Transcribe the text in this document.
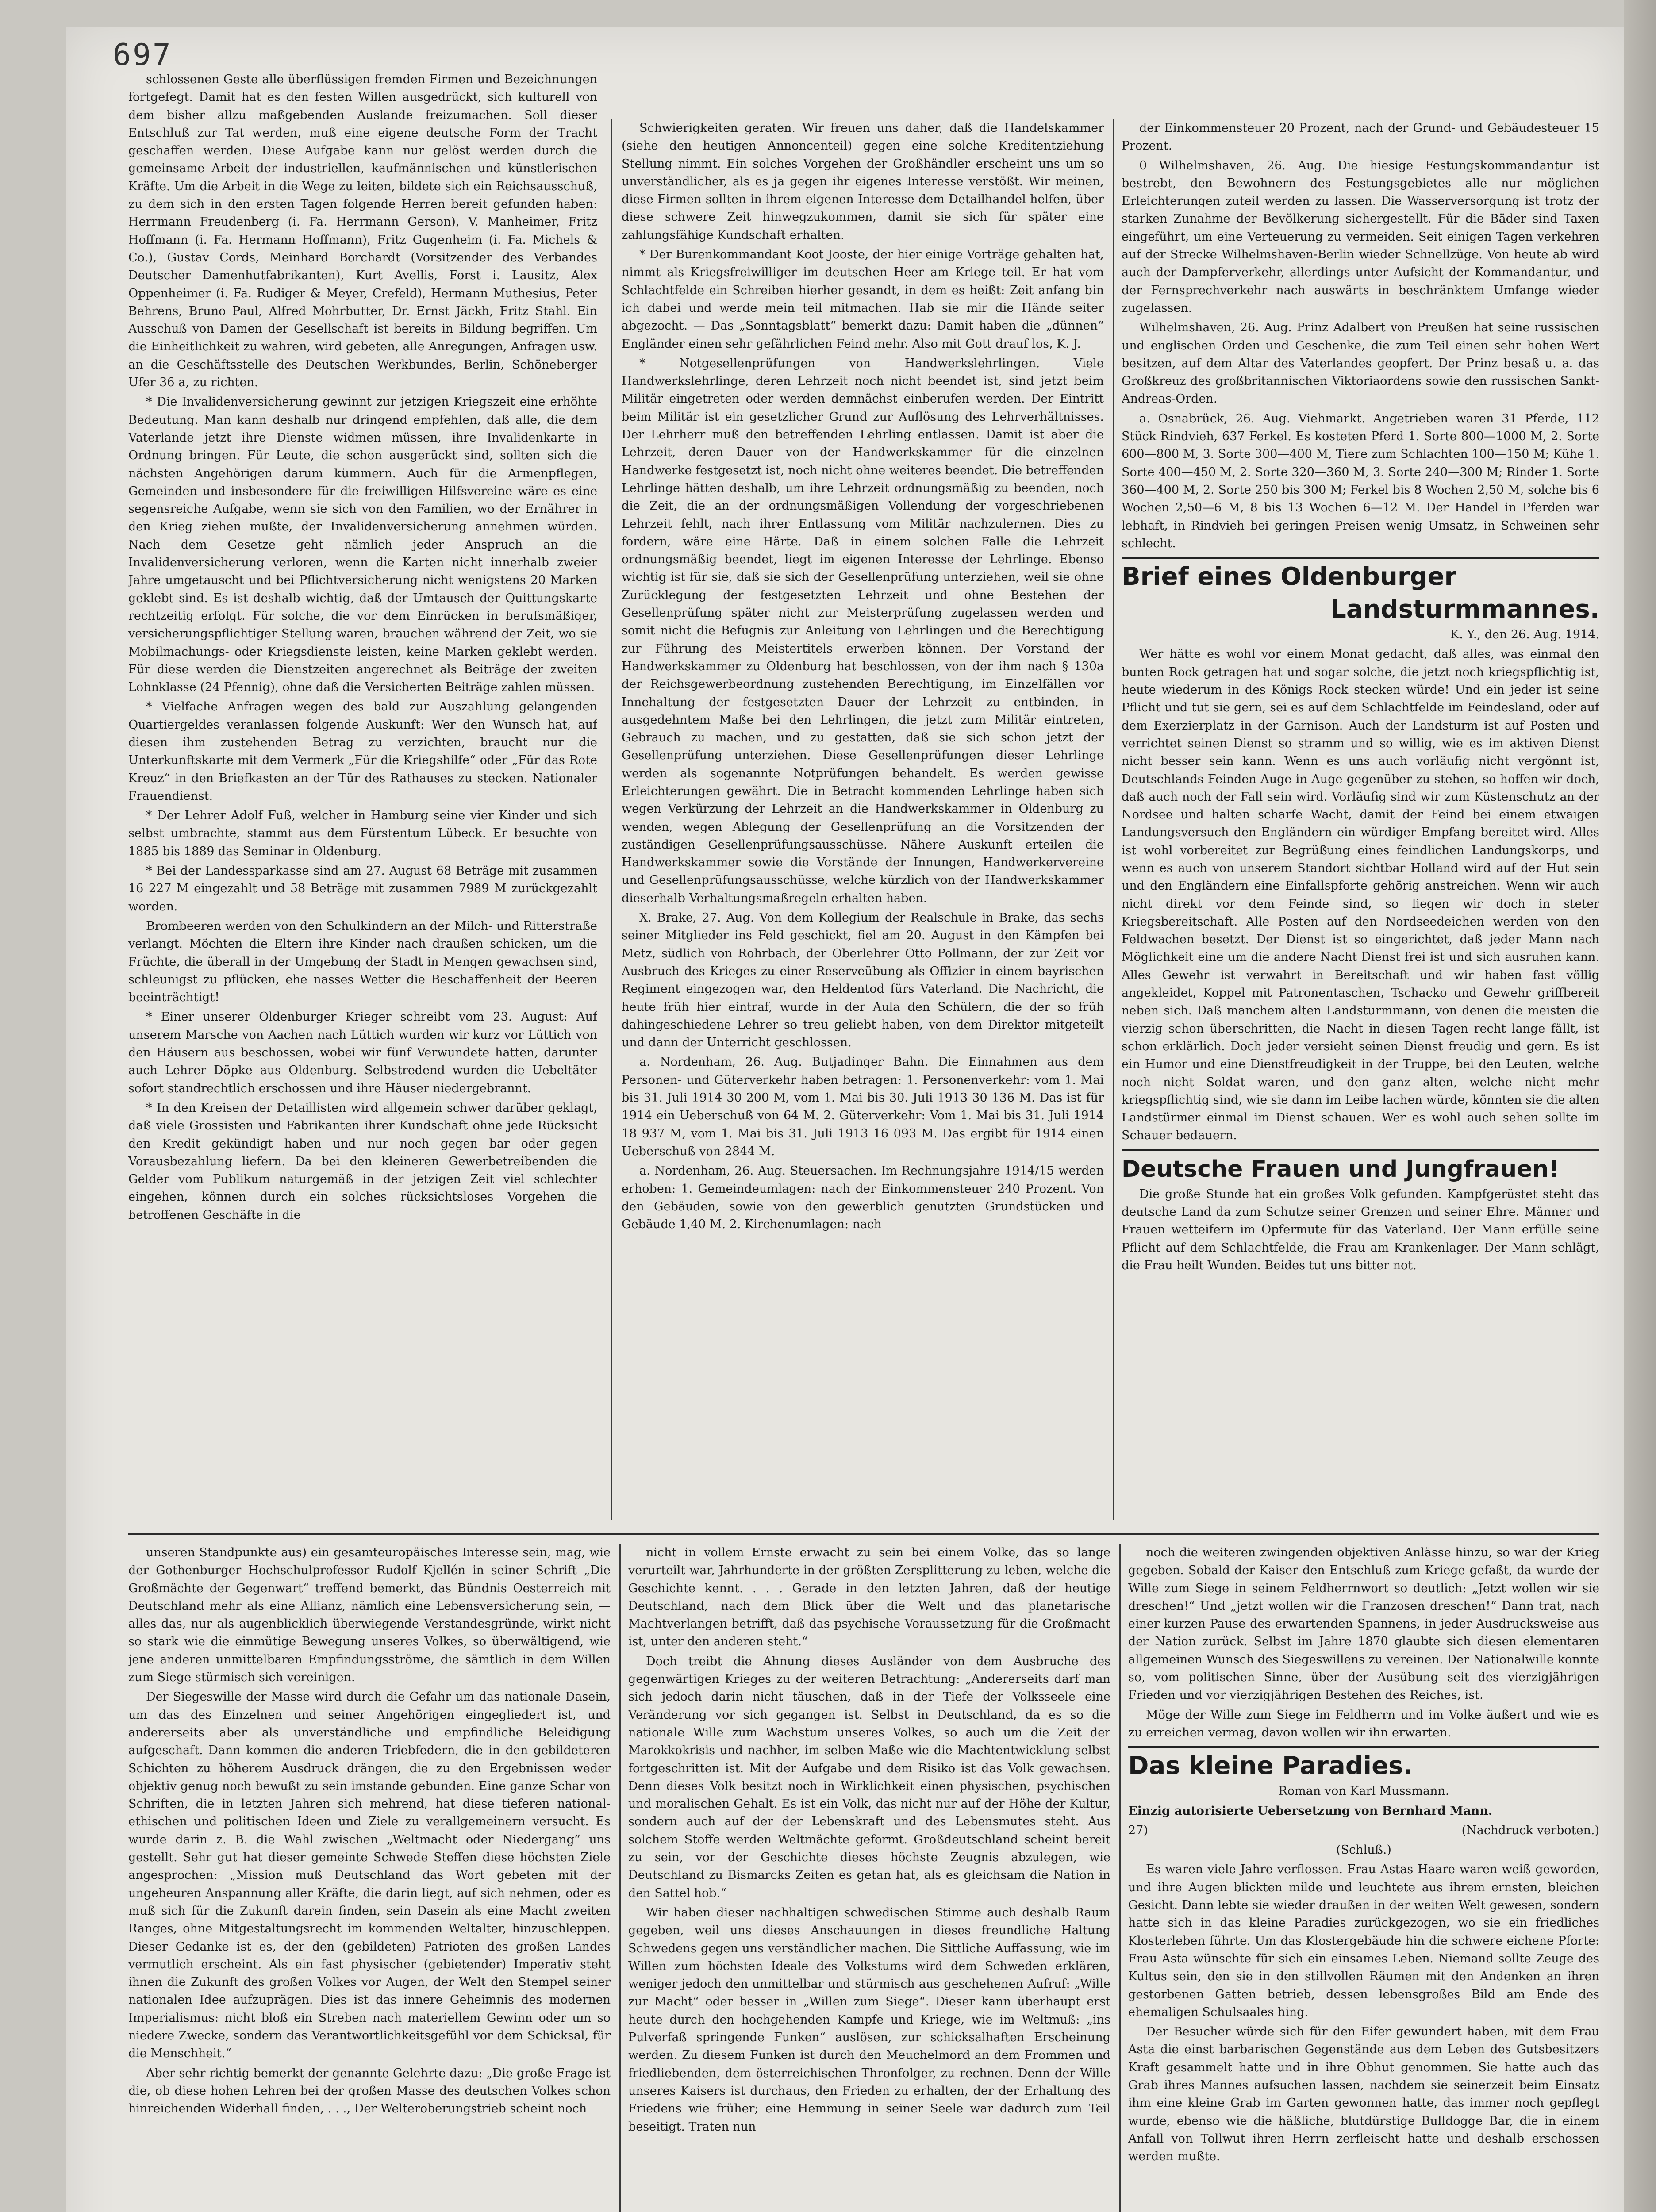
697

schlossenen Geste alle überflüssigen fremden Firmen und Bezeichnungen fortgefegt. Damit hat es den festen Willen ausgedrückt, sich kulturell von dem bisher allzu maßgebenden Auslande freizumachen. Soll dieser Entschluß zur Tat werden, muß eine eigene deutsche Form der Tracht geschaffen werden. Diese Aufgabe kann nur gelöst werden durch die gemeinsame Arbeit der industriellen, kaufmännischen und künstlerischen Kräfte. Um die Arbeit in die Wege zu leiten, bildete sich ein Reichsausschuß, zu dem sich in den ersten Tagen folgende Herren bereit gefunden haben: Herrmann Freudenberg (i. Fa. Herrmann Gerson), V. Manheimer, Fritz Hoffmann (i. Fa. Hermann Hoffmann), Fritz Gugenheim (i. Fa. Michels & Co.), Gustav Cords, Meinhard Borchardt (Vorsitzender des Verbandes Deutscher Damenhutfabrikanten), Kurt Avellis, Forst i. Lausitz, Alex Oppenheimer (i. Fa. Rudiger & Meyer, Crefeld), Hermann Muthesius, Peter Behrens, Bruno Paul, Alfred Mohrbutter, Dr. Ernst Jäckh, Fritz Stahl. Ein Ausschuß von Damen der Gesellschaft ist bereits in Bildung begriffen. Um die Einheitlichkeit zu wahren, wird gebeten, alle Anregungen, Anfragen usw. an die Geschäftsstelle des Deutschen Werkbundes, Berlin, Schöneberger Ufer 36 a, zu richten.

* Die Invalidenversicherung gewinnt zur jetzigen Kriegszeit eine erhöhte Bedeutung. Man kann deshalb nur dringend empfehlen, daß alle, die dem Vaterlande jetzt ihre Dienste widmen müssen, ihre Invalidenkarte in Ordnung bringen. Für Leute, die schon ausgerückt sind, sollten sich die nächsten Angehörigen darum kümmern. Auch für die Armenpflegen, Gemeinden und insbesondere für die freiwilligen Hilfsvereine wäre es eine segensreiche Aufgabe, wenn sie sich von den Familien, wo der Ernährer in den Krieg ziehen mußte, der Invalidenversicherung annehmen würden. Nach dem Gesetze geht nämlich jeder Anspruch an die Invalidenversicherung verloren, wenn die Karten nicht innerhalb zweier Jahre umgetauscht und bei Pflichtversicherung nicht wenigstens 20 Marken geklebt sind. Es ist deshalb wichtig, daß der Umtausch der Quittungskarte rechtzeitig erfolgt. Für solche, die vor dem Einrücken in berufsmäßiger, versicherungspflichtiger Stellung waren, brauchen während der Zeit, wo sie Mobilmachungs- oder Kriegsdienste leisten, keine Marken geklebt werden. Für diese werden die Dienstzeiten angerechnet als Beiträge der zweiten Lohnklasse (24 Pfennig), ohne daß die Versicherten Beiträge zahlen müssen.

* Vielfache Anfragen wegen des bald zur Auszahlung gelangenden Quartiergeldes veranlassen folgende Auskunft: Wer den Wunsch hat, auf diesen ihm zustehenden Betrag zu verzichten, braucht nur die Unterkunftskarte mit dem Vermerk „Für die Kriegshilfe“ oder „Für das Rote Kreuz“ in den Briefkasten an der Tür des Rathauses zu stecken. Nationaler Frauendienst.

* Der Lehrer Adolf Fuß, welcher in Hamburg seine vier Kinder und sich selbst umbrachte, stammt aus dem Fürstentum Lübeck. Er besuchte von 1885 bis 1889 das Seminar in Oldenburg.

* Bei der Landessparkasse sind am 27. August 68 Beträge mit zusammen 16 227 M eingezahlt und 58 Beträge mit zusammen 7989 M zurückgezahlt worden.

Brombeeren werden von den Schulkindern an der Milch- und Ritterstraße verlangt. Möchten die Eltern ihre Kinder nach draußen schicken, um die Früchte, die überall in der Umgebung der Stadt in Mengen gewachsen sind, schleunigst zu pflücken, ehe nasses Wetter die Beschaffenheit der Beeren beeinträchtigt!

* Einer unserer Oldenburger Krieger schreibt vom 23. August: Auf unserem Marsche von Aachen nach Lüttich wurden wir kurz vor Lüttich von den Häusern aus beschossen, wobei wir fünf Verwundete hatten, darunter auch Lehrer Döpke aus Oldenburg. Selbstredend wurden die Uebeltäter sofort standrechtlich erschossen und ihre Häuser niedergebrannt.

* In den Kreisen der Detaillisten wird allgemein schwer darüber geklagt, daß viele Grossisten und Fabrikanten ihrer Kundschaft ohne jede Rücksicht den Kredit gekündigt haben und nur noch gegen bar oder gegen Vorausbezahlung liefern. Da bei den kleineren Gewerbetreibenden die Gelder vom Publikum naturgemäß in der jetzigen Zeit viel schlechter eingehen, können durch ein solches rücksichtsloses Vorgehen die betroffenen Geschäfte in die

Schwierigkeiten geraten. Wir freuen uns daher, daß die Handelskammer (siehe den heutigen Annoncenteil) gegen eine solche Kreditentziehung Stellung nimmt. Ein solches Vorgehen der Großhändler erscheint uns um so unverständlicher, als es ja gegen ihr eigenes Interesse verstößt. Wir meinen, diese Firmen sollten in ihrem eigenen Interesse dem Detailhandel helfen, über diese schwere Zeit hinwegzukommen, damit sie sich für später eine zahlungsfähige Kundschaft erhalten.

* Der Burenkommandant Koot Jooste, der hier einige Vorträge gehalten hat, nimmt als Kriegsfreiwilliger im deutschen Heer am Kriege teil. Er hat vom Schlachtfelde ein Schreiben hierher gesandt, in dem es heißt: Zeit anfang bin ich dabei und werde mein teil mitmachen. Hab sie mir die Hände seiter abgezocht. — Das „Sonntagsblatt“ bemerkt dazu: Damit haben die „dünnen“ Engländer einen sehr gefährlichen Feind mehr. Also mit Gott drauf los, K. J.

* Notgesellenprüfungen von Handwerkslehrlingen. Viele Handwerkslehrlinge, deren Lehrzeit noch nicht beendet ist, sind jetzt beim Militär eingetreten oder werden demnächst einberufen werden. Der Eintritt beim Militär ist ein gesetzlicher Grund zur Auflösung des Lehrverhältnisses. Der Lehrherr muß den betreffenden Lehrling entlassen. Damit ist aber die Lehrzeit, deren Dauer von der Handwerkskammer für die einzelnen Handwerke festgesetzt ist, noch nicht ohne weiteres beendet. Die betreffenden Lehrlinge hätten deshalb, um ihre Lehrzeit ordnungsmäßig zu beenden, noch die Zeit, die an der ordnungsmäßigen Vollendung der vorgeschriebenen Lehrzeit fehlt, nach ihrer Entlassung vom Militär nachzulernen. Dies zu fordern, wäre eine Härte. Daß in einem solchen Falle die Lehrzeit ordnungsmäßig beendet, liegt im eigenen Interesse der Lehrlinge. Ebenso wichtig ist für sie, daß sie sich der Gesellenprüfung unterziehen, weil sie ohne Zurücklegung der festgesetzten Lehrzeit und ohne Bestehen der Gesellenprüfung später nicht zur Meisterprüfung zugelassen werden und somit nicht die Befugnis zur Anleitung von Lehrlingen und die Berechtigung zur Führung des Meistertitels erwerben können. Der Vorstand der Handwerkskammer zu Oldenburg hat beschlossen, von der ihm nach § 130a der Reichsgewerbeordnung zustehenden Berechtigung, im Einzelfällen vor Innehaltung der festgesetzten Dauer der Lehrzeit zu entbinden, in ausgedehntem Maße bei den Lehrlingen, die jetzt zum Militär eintreten, Gebrauch zu machen, und zu gestatten, daß sie sich schon jetzt der Gesellenprüfung unterziehen. Diese Gesellenprüfungen dieser Lehrlinge werden als sogenannte Notprüfungen behandelt. Es werden gewisse Erleichterungen gewährt. Die in Betracht kommenden Lehrlinge haben sich wegen Verkürzung der Lehrzeit an die Handwerkskammer in Oldenburg zu wenden, wegen Ablegung der Gesellenprüfung an die Vorsitzenden der zuständigen Gesellenprüfungsausschüsse. Nähere Auskunft erteilen die Handwerkskammer sowie die Vorstände der Innungen, Handwerkervereine und Gesellenprüfungsausschüsse, welche kürzlich von der Handwerkskammer dieserhalb Verhaltungsmaßregeln erhalten haben.

X. Brake, 27. Aug. Von dem Kollegium der Realschule in Brake, das sechs seiner Mitglieder ins Feld geschickt, fiel am 20. August in den Kämpfen bei Metz, südlich von Rohrbach, der Oberlehrer Otto Pollmann, der zur Zeit vor Ausbruch des Krieges zu einer Reserveübung als Offizier in einem bayrischen Regiment eingezogen war, den Heldentod fürs Vaterland. Die Nachricht, die heute früh hier eintraf, wurde in der Aula den Schülern, die der so früh dahingeschiedene Lehrer so treu geliebt haben, von dem Direktor mitgeteilt und dann der Unterricht geschlossen.

a. Nordenham, 26. Aug. Butjadinger Bahn. Die Einnahmen aus dem Personen- und Güterverkehr haben betragen: 1. Personenverkehr: vom 1. Mai bis 31. Juli 1914 30 200 M, vom 1. Mai bis 30. Juli 1913 30 136 M. Das ist für 1914 ein Ueberschuß von 64 M. 2. Güterverkehr: Vom 1. Mai bis 31. Juli 1914 18 937 M, vom 1. Mai bis 31. Juli 1913 16 093 M. Das ergibt für 1914 einen Ueberschuß von 2844 M.

a. Nordenham, 26. Aug. Steuersachen. Im Rechnungsjahre 1914/15 werden erhoben: 1. Gemeindeumlagen: nach der Einkommensteuer 240 Prozent. Von den Gebäuden, sowie von den gewerblich genutzten Grundstücken und Gebäude 1,40 M. 2. Kirchenumlagen: nach

der Einkommensteuer 20 Prozent, nach der Grund- und Gebäudesteuer 15 Prozent.

0 Wilhelmshaven, 26. Aug. Die hiesige Festungskommandantur ist bestrebt, den Bewohnern des Festungsgebietes alle nur möglichen Erleichterungen zuteil werden zu lassen. Die Wasserversorgung ist trotz der starken Zunahme der Bevölkerung sichergestellt. Für die Bäder sind Taxen eingeführt, um eine Verteuerung zu vermeiden. Seit einigen Tagen verkehren auf der Strecke Wilhelmshaven-Berlin wieder Schnellzüge. Von heute ab wird auch der Dampferverkehr, allerdings unter Aufsicht der Kommandantur, und der Fernsprechverkehr nach auswärts in beschränktem Umfange wieder zugelassen.

Wilhelmshaven, 26. Aug. Prinz Adalbert von Preußen hat seine russischen und englischen Orden und Geschenke, die zum Teil einen sehr hohen Wert besitzen, auf dem Altar des Vaterlandes geopfert. Der Prinz besaß u. a. das Großkreuz des großbritannischen Viktoriaordens sowie den russischen Sankt-Andreas-Orden.

a. Osnabrück, 26. Aug. Viehmarkt. Angetrieben waren 31 Pferde, 112 Stück Rindvieh, 637 Ferkel. Es kosteten Pferd 1. Sorte 800—1000 M, 2. Sorte 600—800 M, 3. Sorte 300—400 M, Tiere zum Schlachten 100—150 M; Kühe 1. Sorte 400—450 M, 2. Sorte 320—360 M, 3. Sorte 240—300 M; Rinder 1. Sorte 360—400 M, 2. Sorte 250 bis 300 M; Ferkel bis 8 Wochen 2,50 M, solche bis 6 Wochen 2,50—6 M, 8 bis 13 Wochen 6—12 M. Der Handel in Pferden war lebhaft, in Rindvieh bei geringen Preisen wenig Umsatz, in Schweinen sehr schlecht.

Brief eines Oldenburger
Landsturmmannes.

K. Y., den 26. Aug. 1914.

Wer hätte es wohl vor einem Monat gedacht, daß alles, was einmal den bunten Rock getragen hat und sogar solche, die jetzt noch kriegspflichtig ist, heute wiederum in des Königs Rock stecken würde! Und ein jeder ist seine Pflicht und tut sie gern, sei es auf dem Schlachtfelde im Feindesland, oder auf dem Exerzierplatz in der Garnison. Auch der Landsturm ist auf Posten und verrichtet seinen Dienst so stramm und so willig, wie es im aktiven Dienst nicht besser sein kann. Wenn es uns auch vorläufig nicht vergönnt ist, Deutschlands Feinden Auge in Auge gegenüber zu stehen, so hoffen wir doch, daß auch noch der Fall sein wird. Vorläufig sind wir zum Küstenschutz an der Nordsee und halten scharfe Wacht, damit der Feind bei einem etwaigen Landungsversuch den Engländern ein würdiger Empfang bereitet wird. Alles ist wohl vorbereitet zur Begrüßung eines feindlichen Landungskorps, und wenn es auch von unserem Standort sichtbar Holland wird auf der Hut sein und den Engländern eine Einfallspforte gehörig anstreichen. Wenn wir auch nicht direkt vor dem Feinde sind, so liegen wir doch in steter Kriegsbereitschaft. Alle Posten auf den Nordseedeichen werden von den Feldwachen besetzt. Der Dienst ist so eingerichtet, daß jeder Mann nach Möglichkeit eine um die andere Nacht Dienst frei ist und sich ausruhen kann. Alles Gewehr ist verwahrt in Bereitschaft und wir haben fast völlig angekleidet, Koppel mit Patronentaschen, Tschacko und Gewehr griffbereit neben sich. Daß manchem alten Landsturmmann, von denen die meisten die vierzig schon überschritten, die Nacht in diesen Tagen recht lange fällt, ist schon erklärlich. Doch jeder versieht seinen Dienst freudig und gern. Es ist ein Humor und eine Dienstfreudigkeit in der Truppe, bei den Leuten, welche noch nicht Soldat waren, und den ganz alten, welche nicht mehr kriegspflichtig sind, wie sie dann im Leibe lachen würde, könnten sie die alten Landstürmer einmal im Dienst schauen. Wer es wohl auch sehen sollte im Schauer bedauern.

Deutsche Frauen und Jungfrauen!

Die große Stunde hat ein großes Volk gefunden. Kampfgerüstet steht das deutsche Land da zum Schutze seiner Grenzen und seiner Ehre. Männer und Frauen wetteifern im Opfermute für das Vaterland. Der Mann erfülle seine Pflicht auf dem Schlachtfelde, die Frau am Krankenlager. Der Mann schlägt, die Frau heilt Wunden. Beides tut uns bitter not.

unseren Standpunkte aus) ein gesamteuropäisches Interesse sein, mag, wie der Gothenburger Hochschulprofessor Rudolf Kjellén in seiner Schrift „Die Großmächte der Gegenwart“ treffend bemerkt, das Bündnis Oesterreich mit Deutschland mehr als eine Allianz, nämlich eine Lebensversicherung sein, — alles das, nur als augenblicklich überwiegende Verstandesgründe, wirkt nicht so stark wie die einmütige Bewegung unseres Volkes, so überwältigend, wie jene anderen unmittelbaren Empfindungsströme, die sämtlich in dem Willen zum Siege stürmisch sich vereinigen.

Der Siegeswille der Masse wird durch die Gefahr um das nationale Dasein, um das des Einzelnen und seiner Angehörigen eingegliedert ist, und andererseits aber als unverständliche und empfindliche Beleidigung aufgeschaft. Dann kommen die anderen Triebfedern, die in den gebildeteren Schichten zu höherem Ausdruck drängen, die zu den Ergebnissen weder objektiv genug noch bewußt zu sein imstande gebunden. Eine ganze Schar von Schriften, die in letzten Jahren sich mehrend, hat diese tieferen national-ethischen und politischen Ideen und Ziele zu verallgemeinern versucht. Es wurde darin z. B. die Wahl zwischen „Weltmacht oder Niedergang“ uns gestellt. Sehr gut hat dieser gemeinte Schwede Steffen diese höchsten Ziele angesprochen: „Mission muß Deutschland das Wort gebeten mit der ungeheuren Anspannung aller Kräfte, die darin liegt, auf sich nehmen, oder es muß sich für die Zukunft darein finden, sein Dasein als eine Macht zweiten Ranges, ohne Mitgestaltungsrecht im kommenden Weltalter, hinzuschleppen. Dieser Gedanke ist es, der den (gebildeten) Patrioten des großen Landes vermutlich erscheint. Als ein fast physischer (gebietender) Imperativ steht ihnen die Zukunft des großen Volkes vor Augen, der Welt den Stempel seiner nationalen Idee aufzuprägen. Dies ist das innere Geheimnis des modernen Imperialismus: nicht bloß ein Streben nach materiellem Gewinn oder um so niedere Zwecke, sondern das Verantwortlichkeitsgefühl vor dem Schicksal, für die Menschheit.“

Aber sehr richtig bemerkt der genannte Gelehrte dazu: „Die große Frage ist die, ob diese hohen Lehren bei der großen Masse des deutschen Volkes schon hinreichenden Widerhall finden, . . ., Der Welteroberungstrieb scheint noch

nicht in vollem Ernste erwacht zu sein bei einem Volke, das so lange verurteilt war, Jahrhunderte in der größten Zersplitterung zu leben, welche die Geschichte kennt. . . . Gerade in den letzten Jahren, daß der heutige Deutschland, nach dem Blick über die Welt und das planetarische Machtverlangen betrifft, daß das psychische Voraussetzung für die Großmacht ist, unter den anderen steht.“

Doch treibt die Ahnung dieses Ausländer von dem Ausbruche des gegenwärtigen Krieges zu der weiteren Betrachtung: „Andererseits darf man sich jedoch darin nicht täuschen, daß in der Tiefe der Volksseele eine Veränderung vor sich gegangen ist. Selbst in Deutschland, da es so die nationale Wille zum Wachstum unseres Volkes, so auch um die Zeit der Marokkokrisis und nachher, im selben Maße wie die Machtentwicklung selbst fortgeschritten ist. Mit der Aufgabe und dem Risiko ist das Volk gewachsen. Denn dieses Volk besitzt noch in Wirklichkeit einen physischen, psychischen und moralischen Gehalt. Es ist ein Volk, das nicht nur auf der Höhe der Kultur, sondern auch auf der der Lebenskraft und des Lebensmutes steht. Aus solchem Stoffe werden Weltmächte geformt. Großdeutschland scheint bereit zu sein, vor der Geschichte dieses höchste Zeugnis abzulegen, wie Deutschland zu Bismarcks Zeiten es getan hat, als es gleichsam die Nation in den Sattel hob.“

Wir haben dieser nachhaltigen schwedischen Stimme auch deshalb Raum gegeben, weil uns dieses Anschauungen in dieses freundliche Haltung Schwedens gegen uns verständlicher machen. Die Sittliche Auffassung, wie im Willen zum höchsten Ideale des Volkstums wird dem Schweden erklären, weniger jedoch den unmittelbar und stürmisch aus geschehenen Aufruf: „Wille zur Macht“ oder besser in „Willen zum Siege“. Dieser kann überhaupt erst heute durch den hochgehenden Kampfe und Kriege, wie im Weltmuß: „ins Pulverfaß springende Funken“ auslösen, zur schicksalhaften Erscheinung werden. Zu diesem Funken ist durch den Meuchelmord an dem Frommen und friedliebenden, dem österreichischen Thronfolger, zu rechnen. Denn der Wille unseres Kaisers ist durchaus, den Frieden zu erhalten, der der Erhaltung des Friedens wie früher; eine Hemmung in seiner Seele war dadurch zum Teil beseitigt. Traten nun

noch die weiteren zwingenden objektiven Anlässe hinzu, so war der Krieg gegeben. Sobald der Kaiser den Entschluß zum Kriege gefaßt, da wurde der Wille zum Siege in seinem Feldherrnwort so deutlich: „Jetzt wollen wir sie dreschen!“ Und „jetzt wollen wir die Franzosen dreschen!“ Dann trat, nach einer kurzen Pause des erwartenden Spannens, in jeder Ausdrucksweise aus der Nation zurück. Selbst im Jahre 1870 glaubte sich diesen elementaren allgemeinen Wunsch des Siegeswillens zu vereinen. Der Nationalwille konnte so, vom politischen Sinne, über der Ausübung seit des vierzigjährigen Frieden und vor vierzigjährigen Bestehen des Reiches, ist.

Möge der Wille zum Siege im Feldherrn und im Volke äußert und wie es zu erreichen vermag, davon wollen wir ihn erwarten.

Das kleine Paradies.

Roman von Karl Mussmann.

Einzig autorisierte Uebersetzung von Bernhard Mann.

27)	(Nachdruck verboten.)

(Schluß.)

Es waren viele Jahre verflossen. Frau Astas Haare waren weiß geworden, und ihre Augen blickten milde und leuchtete aus ihrem ernsten, bleichen Gesicht. Dann lebte sie wieder draußen in der weiten Welt gewesen, sondern hatte sich in das kleine Paradies zurückgezogen, wo sie ein friedliches Klosterleben führte. Um das Klostergebäude hin die schwere eichene Pforte: Frau Asta wünschte für sich ein einsames Leben. Niemand sollte Zeuge des Kultus sein, den sie in den stillvollen Räumen mit den Andenken an ihren gestorbenen Gatten betrieb, dessen lebensgroßes Bild am Ende des ehemaligen Schulsaales hing.

Der Besucher würde sich für den Eifer gewundert haben, mit dem Frau Asta die einst barbarischen Gegenstände aus dem Leben des Gutsbesitzers Kraft gesammelt hatte und in ihre Obhut genommen. Sie hatte auch das Grab ihres Mannes aufsuchen lassen, nachdem sie seinerzeit beim Einsatz ihm eine kleine Grab im Garten gewonnen hatte, das immer noch gepflegt wurde, ebenso wie die häßliche, blutdürstige Bulldogge Bar, die in einem Anfall von Tollwut ihren Herrn zerfleischt hatte und deshalb erschossen werden mußte.
